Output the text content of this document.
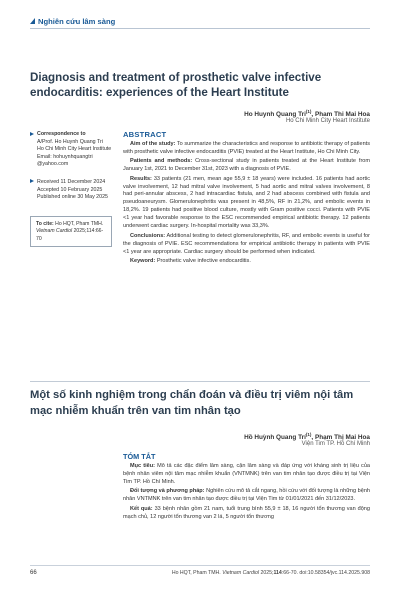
Nghiên cứu lâm sàng
Diagnosis and treatment of prosthetic valve infective endocarditis: experiences of the Heart Institute
Ho Huynh Quang Tri$^{(1)}$, Pham Thi Mai Hoa
Ho Chi Minh City Heart Institute
Correspondence to
A/Prof. Ho Huynh Quang Tri
Ho Chi Minh City Heart Institute
Email: hohuynhquangtri
@yahoo.com
Received 11 December 2024
Accepted 10 February 2025
Published online 30 May 2025
To cite: Ho HQT, Pham TMH. Vietnam Cardiol 2025;114:66-70
ABSTRACT

Aim of the study: To summarize the characteristics and response to antibiotic therapy of patients with prosthetic valve infective endocarditis (PVIE) treated at the Heart Institute, Ho Chi Minh City.

Patients and methods: Cross-sectional study in patients treated at the Heart Institute from January 1st, 2021 to December 31st, 2023 with a diagnosis of PVIE.

Results: 33 patients (21 men, mean age 55,9 ± 18 years) were included. 16 patients had aortic valve involvement, 12 had mitral valve involvement, 5 had aortic and mitral valves involvement, 8 had peri-annular abscess, 2 had intracardiac fistula, and 2 had abscess combined with fistula and pseudoaneurysm. Glomerulonephritis was present in 48,5%, RF in 21,2%, and embolic events in 18,2%. 19 patients had positive blood culture, mostly with Gram positive cocci. Patients with PVIE <1 year had favorable response to the ESC recommended empirical antibiotic therapy. 12 patients underwent cardiac surgery. In-hospital mortality was 33,3%.

Conclusions: Additional testing to detect glomerulonephritis, RF, and embolic events is useful for the diagnosis of PVIE. ESC recommendations for empirical antibiotic therapy in patients with PVIE <1 year are appropriate. Cardiac surgery should be performed when indicated.

Keyword: Prosthetic valve infective endocarditis.

Một số kinh nghiệm trong chẩn đoán và điều trị viêm nội tâm mạc nhiễm khuẩn trên van tim nhân tạo
Hồ Huỳnh Quang Trí$^{(1)}$, Phạm Thị Mai Hoa
Viện Tim TP. Hồ Chí Minh
TÓM TẮT

Mục tiêu: Mô tả các đặc điểm lâm sàng, cận lâm sàng và đáp ứng với kháng sinh trị liệu của bệnh nhân viêm nội tâm mạc nhiễm khuẩn (VNTMNK) trên van tim nhân tạo được điều trị tại Viện Tim TP. Hồ Chí Minh.

Đối tượng và phương pháp: Nghiên cứu mô tả cắt ngang, hồi cứu với đối tượng là những bệnh nhân VNTMNK trên van tim nhân tạo được điều trị tại Viện Tim từ 01/01/2021 đến 31/12/2023.

Kết quả: 33 bệnh nhân gồm 21 nam, tuổi trung bình 55,9 ± 18, 16 người tổn thương van động mạch chủ, 12 người tổn thương van 2 lá, 5 người tổn thương

66	Ho HQT, Pham TMH. Vietnam Cardiol 2025;114:66-70. doi:10.58354/jvc.114.2025.908
